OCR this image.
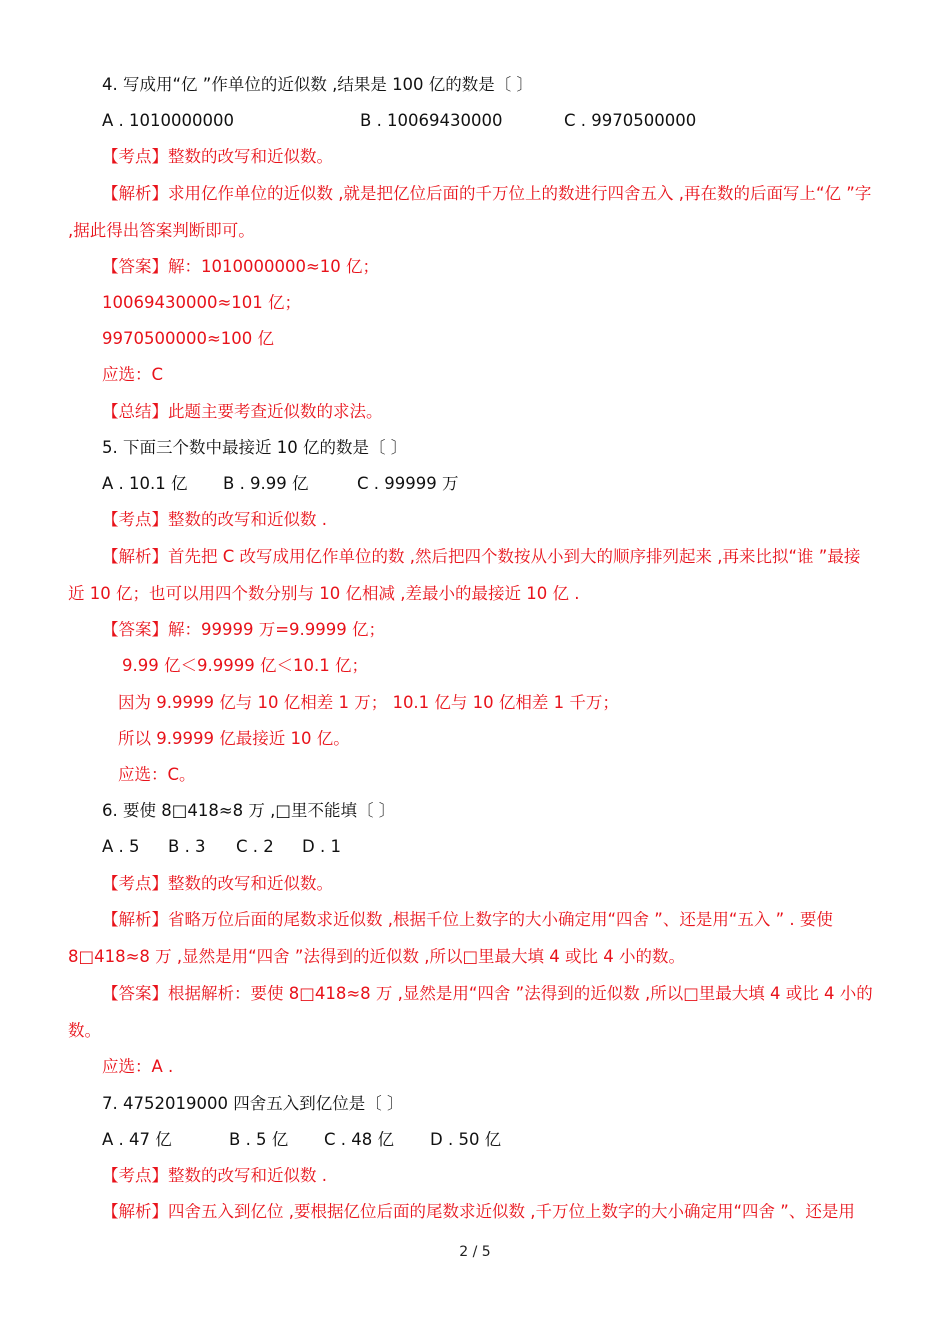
4. 写成用“亿 ”作单位的近似数 ,结果是 100 亿的数是〔 〕
A . 1010000000	B . 10069430000	C . 9970500000
【考点】整数的改写和近似数。
【解析】求用亿作单位的近似数 ,就是把亿位后面的千万位上的数进行四舍五入 ,再在数的后面写上“亿 ”字
,据此得出答案判断即可。
【答案】解：1010000000≈10 亿；
10069430000≈101 亿；
9970500000≈100 亿
应选：C
【总结】此题主要考查近似数的求法。
5. 下面三个数中最接近 10 亿的数是〔 〕
A . 10.1 亿 B . 9.99 亿	C . 99999 万
【考点】整数的改写和近似数 .
【解析】首先把 C 改写成用亿作单位的数 ,然后把四个数按从小到大的顺序排列起来 ,再来比拟“谁 ”最接
近 10 亿；也可以用四个数分别与 10 亿相减 ,差最小的最接近 10 亿 .
【答案】解：99999 万=9.9999 亿；
9.99 亿＜9.9999 亿＜10.1 亿；
因为 9.9999 亿与 10 亿相差 1 万； 10.1 亿与 10 亿相差 1 千万；
所以 9.9999 亿最接近 10 亿。
应选：C。
6. 要使 8□418≈8 万 ,□里不能填〔 〕
A . 5 B . 3 C . 2 D . 1
【考点】整数的改写和近似数。
【解析】省略万位后面的尾数求近似数 ,根据千位上数字的大小确定用“四舍 ”、还是用“五入 ” . 要使
8□418≈8 万 ,显然是用“四舍 ”法得到的近似数 ,所以□里最大填 4 或比 4 小的数。
【答案】根据解析：要使 8□418≈8 万 ,显然是用“四舍 ”法得到的近似数 ,所以□里最大填 4 或比 4 小的
数。
应选：A .
7. 4752019000 四舍五入到亿位是〔 〕
A . 47 亿	B . 5 亿 C . 48 亿 D . 50 亿
【考点】整数的改写和近似数 .
【解析】四舍五入到亿位 ,要根据亿位后面的尾数求近似数 ,千万位上数字的大小确定用“四舍 ”、还是用
2 / 5
